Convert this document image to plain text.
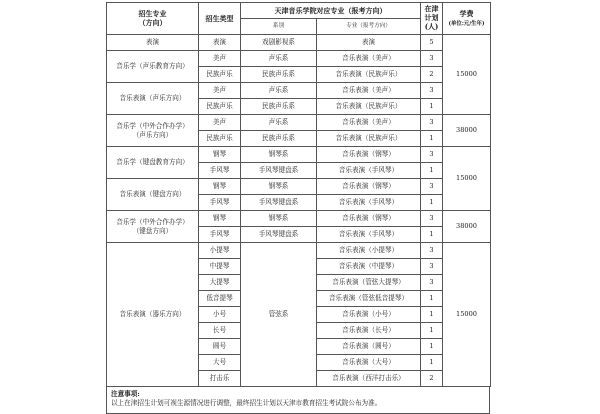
招生专业
（方向）	招生类型	天津音乐学院对应专业（报考方向）		在津
计划
(人)	学费
(单位:元/生年)

		系别	专业（报考方向）		
表演	表演	戏剧影视系	表演	5	15000
音乐学（声乐教育方向）	美声	声乐系	音乐表演（美声）	3	
	民族声乐	民族声乐系	音乐表演（民族声乐）	2	
音乐表演（声乐方向）	美声	声乐系	音乐表演（美声）	3	
	民族声乐	民族声乐系	音乐表演（民族声乐）	1	
音乐学（中外合作办学）
（声乐方向）	美声	声乐系	音乐表演（美声）	3	38000
	民族声乐	民族声乐系	音乐表演（民族声乐）	1	
音乐学（键盘教育方向）	钢琴	钢琴系	音乐表演（钢琴）	3	15000
	手风琴	手风琴键盘系	音乐表演（手风琴）	1	
音乐表演（键盘方向）	钢琴	钢琴系	音乐表演（钢琴）	3	
	手风琴	手风琴键盘系	音乐表演（手风琴）	1	
音乐学（中外合作办学）
（键盘方向）	钢琴	钢琴系	音乐表演（钢琴）	3	38000
	手风琴	手风琴键盘系	音乐表演（手风琴）	1	
音乐表演（器乐方向）	小提琴	管弦系	音乐表演（小提琴）	3	15000
	中提琴		音乐表演（中提琴）	3	
	大提琴		音乐表演（管弦大提琴）	3	
	低音提琴		音乐表演（管弦低音提琴）	1	
	小号		音乐表演（小号）	1	
	长号		音乐表演（长号）	1	
	圆号		音乐表演（圆号）	1	
	大号		音乐表演（大号）	1	
	打击乐		音乐表演（西洋打击乐）	2	
注意事项:
以上在津招生计划可视生源情况进行调整，最终招生计划以天津市教育招生考试院公布为准。
